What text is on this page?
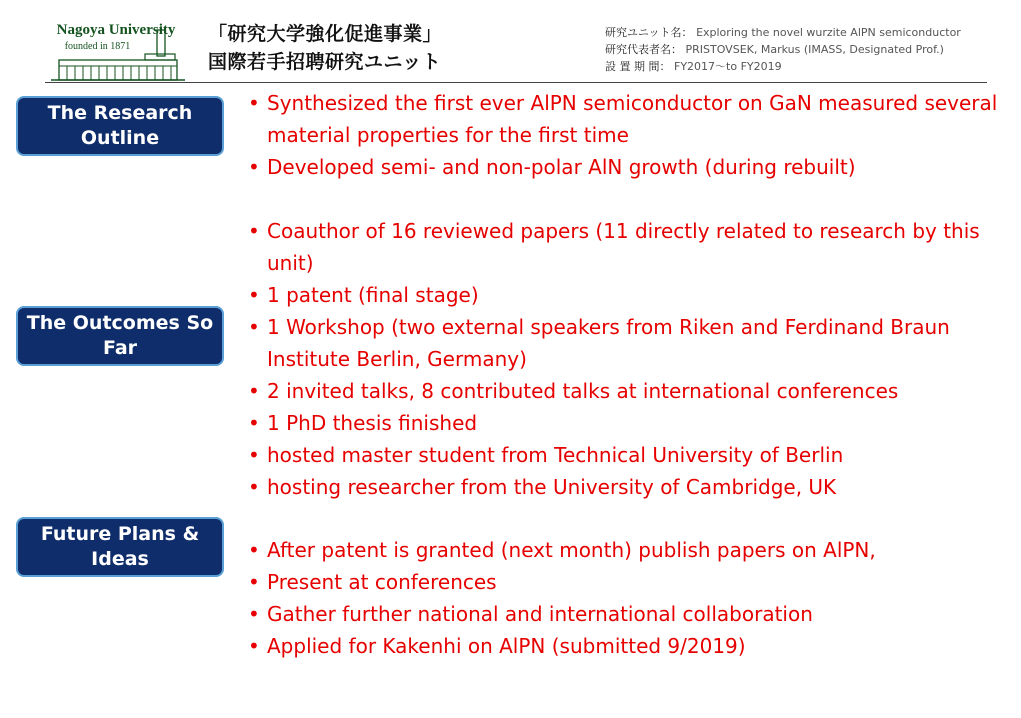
Nagoya University
founded in 1871
「研究大学強化促進事業」
国際若手招聘研究ユニット
研究ユニット名： Exploring the novel wurzite AlPN semiconductor
研究代表者名： PRISTOVSEK, Markus (IMASS, Designated Prof.)
設 置 期 間： FY2017～to FY2019
The Research Outline
The Outcomes So Far
Future Plans & Ideas
• Synthesized the first ever AlPN semiconductor on GaN measured several material properties for the first time
• Developed semi- and non-polar AlN growth (during rebuilt)
• Coauthor of 16 reviewed papers (11 directly related to research by this unit)
• 1 patent (final stage)
• 1 Workshop (two external speakers from Riken and Ferdinand Braun Institute Berlin, Germany)
• 2 invited talks, 8 contributed talks at international conferences
• 1 PhD thesis finished
• hosted master student from Technical University of Berlin
• hosting researcher from the University of Cambridge, UK
• After patent is granted (next month) publish papers on AlPN,
• Present at conferences
• Gather further national and international collaboration
• Applied for Kakenhi on AlPN (submitted 9/2019)
